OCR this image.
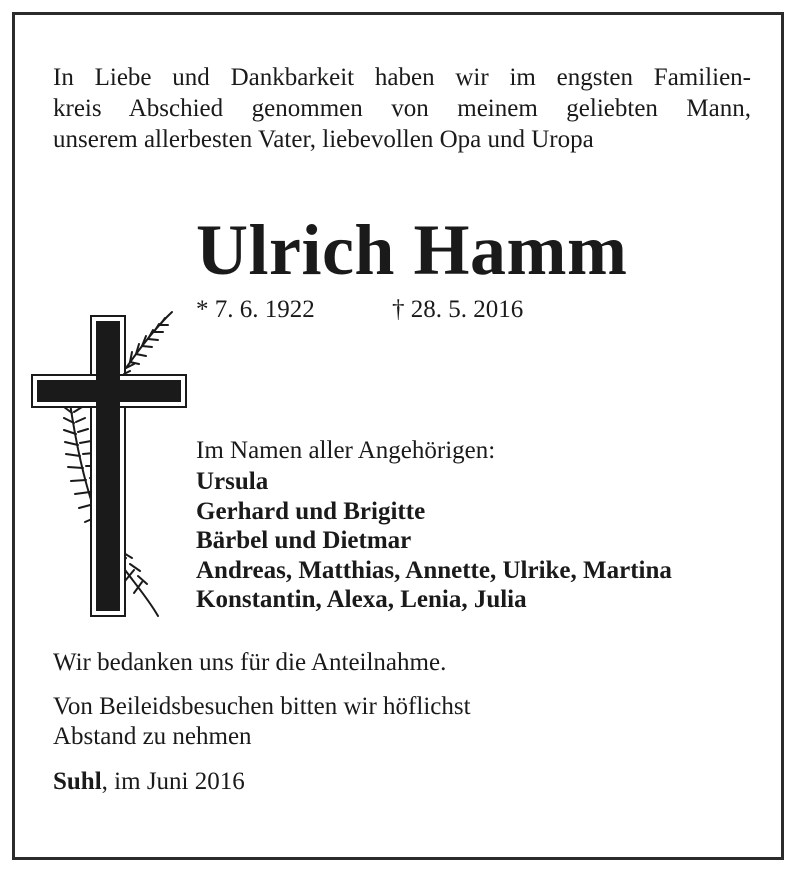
In Liebe und Dankbarkeit haben wir im engsten Familien-
kreis Abschied genommen von meinem geliebten Mann,
unserem allerbesten Vater, liebevollen Opa und Uropa
Ulrich Hamm
* 7. 6. 1922	† 28. 5. 2016
Im Namen aller Angehörigen:
Ursula
Gerhard und Brigitte
Bärbel und Dietmar
Andreas, Matthias, Annette, Ulrike, Martina
Konstantin, Alexa, Lenia, Julia
Wir bedanken uns für die Anteilnahme.
Von Beileidsbesuchen bitten wir höflichst
Abstand zu nehmen
Suhl, im Juni 2016
